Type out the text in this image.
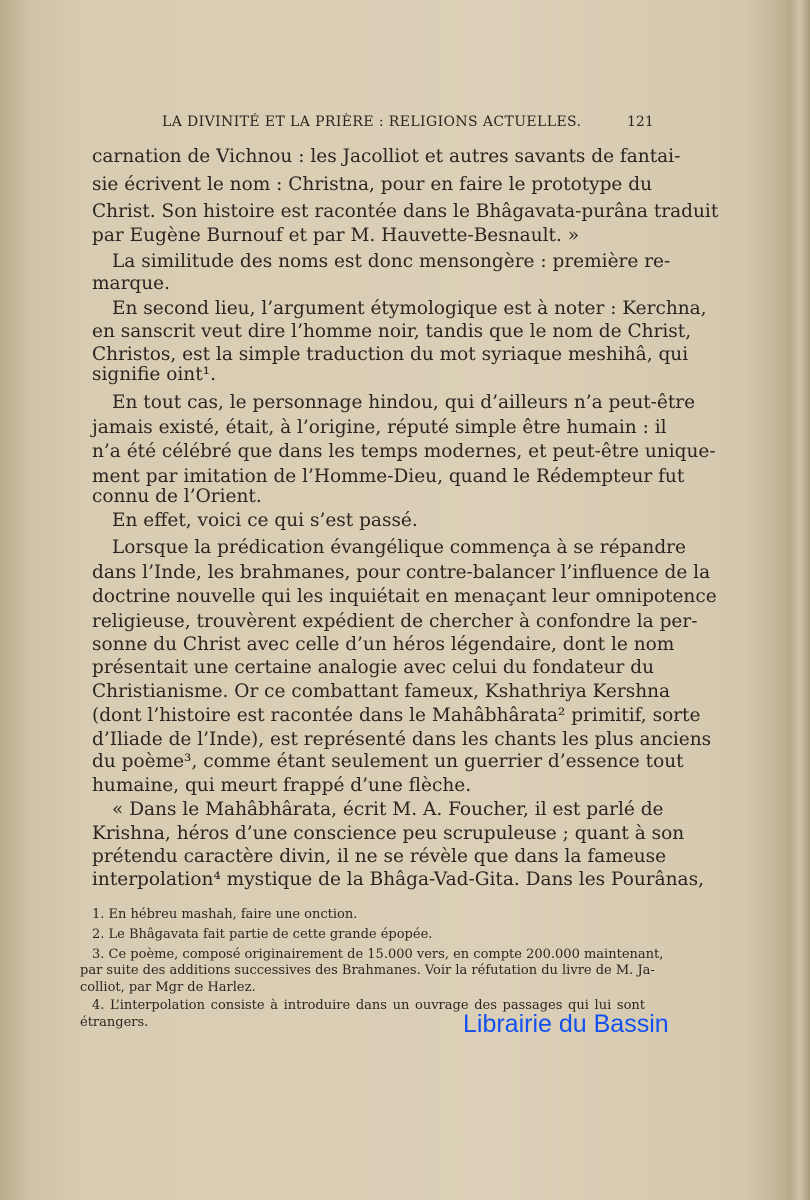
LA DIVINITÉ ET LA PRIÈRE : RELIGIONS ACTUELLES.	121
carnation de Vichnou : les Jacolliot et autres savants de fantai-
sie écrivent le nom : Christna, pour en faire le prototype du
Christ. Son histoire est racontée dans le Bhâgavata-purâna traduit
par Eugène Burnouf et par M. Hauvette-Besnault. »
La similitude des noms est donc mensongère : première re-
marque.
En second lieu, l’argument étymologique est à noter : Kerchna,
en sanscrit veut dire l’homme noir, tandis que le nom de Christ,
Christos, est la simple traduction du mot syriaque meshihâ, qui
signifie oint¹.
En tout cas, le personnage hindou, qui d’ailleurs n’a peut-être
jamais existé, était, à l’origine, réputé simple être humain : il
n’a été célébré que dans les temps modernes, et peut-être unique-
ment par imitation de l’Homme-Dieu, quand le Rédempteur fut
connu de l’Orient.
En effet, voici ce qui s’est passé.
Lorsque la prédication évangélique commença à se répandre
dans l’Inde, les brahmanes, pour contre-balancer l’influence de la
doctrine nouvelle qui les inquiétait en menaçant leur omnipotence
religieuse, trouvèrent expédient de chercher à confondre la per-
sonne du Christ avec celle d’un héros légendaire, dont le nom
présentait une certaine analogie avec celui du fondateur du
Christianisme. Or ce combattant fameux, Kshathriya Kershna
(dont l’histoire est racontée dans le Mahâbhârata² primitif, sorte
d’Iliade de l’Inde), est représenté dans les chants les plus anciens
du poème³, comme étant seulement un guerrier d’essence tout
humaine, qui meurt frappé d’une flèche.
« Dans le Mahâbhârata, écrit M. A. Foucher, il est parlé de
Krishna, héros d’une conscience peu scrupuleuse ; quant à son
prétendu caractère divin, il ne se révèle que dans la fameuse
interpolation⁴ mystique de la Bhâga-Vad-Gita. Dans les Pourânas,
1. En hébreu mashah, faire une onction.
2. Le Bhâgavata fait partie de cette grande épopée.
3. Ce poème, composé originairement de 15.000 vers, en compte 200.000 maintenant,
par suite des additions successives des Brahmanes. Voir la réfutation du livre de M. Ja-
colliot, par Mgr de Harlez.
4. L’interpolation consiste à introduire dans un ouvrage des passages qui lui sont
étrangers.	Librairie du Bassin
